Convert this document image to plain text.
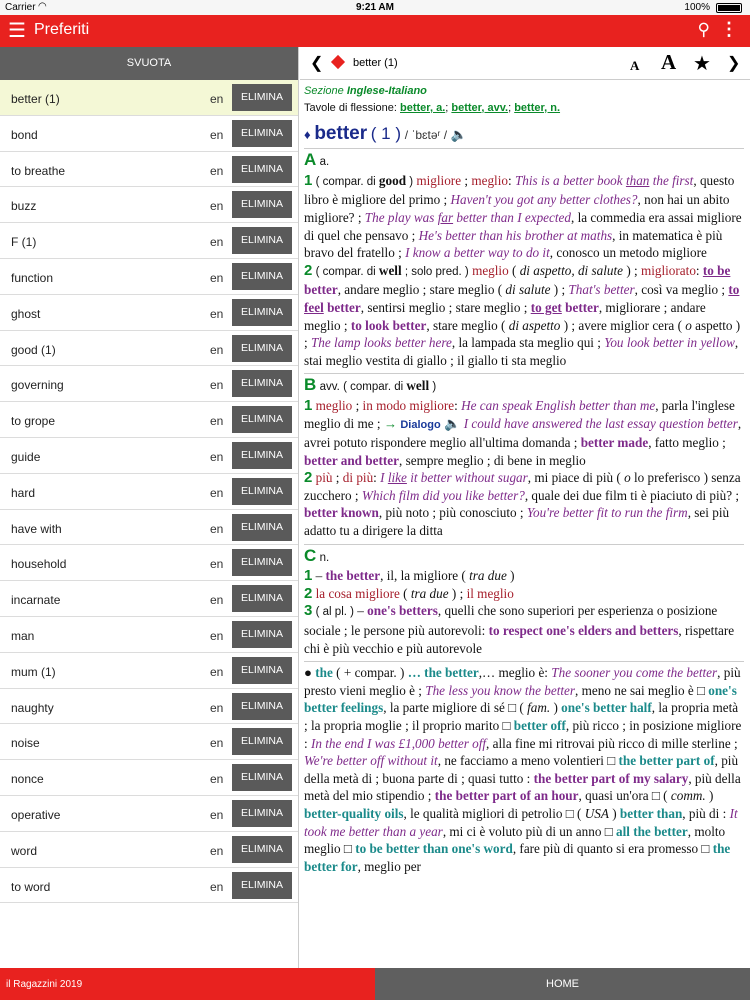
Carrier ◠	9:21 AM	100%
☰ Preferiti	⚲ ⋮
SVUOTA
better (1)	en	ELIMINA
bond	en	ELIMINA
to breathe	en	ELIMINA
buzz	en	ELIMINA
F (1)	en	ELIMINA
function	en	ELIMINA
ghost	en	ELIMINA
good (1)	en	ELIMINA
governing	en	ELIMINA
to grope	en	ELIMINA
guide	en	ELIMINA
hard	en	ELIMINA
have with	en	ELIMINA
household	en	ELIMINA
incarnate	en	ELIMINA
man	en	ELIMINA
mum (1)	en	ELIMINA
naughty	en	ELIMINA
noise	en	ELIMINA
nonce	en	ELIMINA
operative	en	ELIMINA
word	en	ELIMINA
to word	en	ELIMINA
❮	better (1)	A A ★ ❯
Sezione Inglese-Italiano
Tavole di flessione: better, a.; better, avv.; better, n.
♦ better ( 1 ) / ˈbɛtəʳ / 🔈
A a.
1 ( compar. di good ) migliore ; meglio: This is a better book than the first, questo libro è migliore del primo ; Haven't you got any better clothes?, non hai un abito migliore? ; The play was far better than I expected, la commedia era assai migliore di quel che pensavo ; He's better than his brother at maths, in matematica è più bravo del fratello ; I know a better way to do it, conosco un metodo migliore
2 ( compar. di well ; solo pred. ) meglio ( di aspetto, di salute ) ; migliorato: to be better, andare meglio ; stare meglio ( di salute ) ; That's better, così va meglio ; to feel better, sentirsi meglio ; stare meglio ; to get better, migliorare ; andare meglio ; to look better, stare meglio ( di aspetto ) ; avere miglior cera ( o aspetto ) ; The lamp looks better here, la lampada sta meglio qui ; You look better in yellow, stai meglio vestita di giallo ; il giallo ti sta meglio
B avv. ( compar. di well )
1 meglio ; in modo migliore: He can speak English better than me, parla l'inglese meglio di me ; → Dialogo 🔈 I could have answered the last essay question better, avrei potuto rispondere meglio all'ultima domanda ; better made, fatto meglio ; better and better, sempre meglio ; di bene in meglio
2 più ; di più: I like it better without sugar, mi piace di più ( o lo preferisco ) senza zucchero ; Which film did you like better?, quale dei due film ti è piaciuto di più? ; better known, più noto ; più conosciuto ; You're better fit to run the firm, sei più adatto tu a dirigere la ditta
C n.
1 – the better, il, la migliore ( tra due )
2 la cosa migliore ( tra due ) ; il meglio
3 ( al pl. ) – one's betters, quelli che sono superiori per esperienza o posizione sociale ; le persone più autorevoli: to respect one's elders and betters, rispettare chi è più vecchio e più autorevole
● the ( + compar. ) … the better,… meglio è: The sooner you come the better, più presto vieni meglio è ; The less you know the better, meno ne sai meglio è □ one's better feelings, la parte migliore di sé □ ( fam. ) one's better half, la propria metà ; la propria moglie ; il proprio marito □ better off, più ricco ; in posizione migliore : In the end I was £1,000 better off, alla fine mi ritrovai più ricco di mille sterline ; We're better off without it, ne facciamo a meno volentieri □ the better part of, più della metà di ; buona parte di ; quasi tutto : the better part of my salary, più della metà del mio stipendio ; the better part of an hour, quasi un'ora □ ( comm. ) better-quality oils, le qualità migliori di petrolio □ ( USA ) better than, più di : It took me better than a year, mi ci è voluto più di un anno □ all the better, molto meglio □ to be better than one's word, fare più di quanto si era promesso □ the better for, meglio per
il Ragazzini 2019	HOME
